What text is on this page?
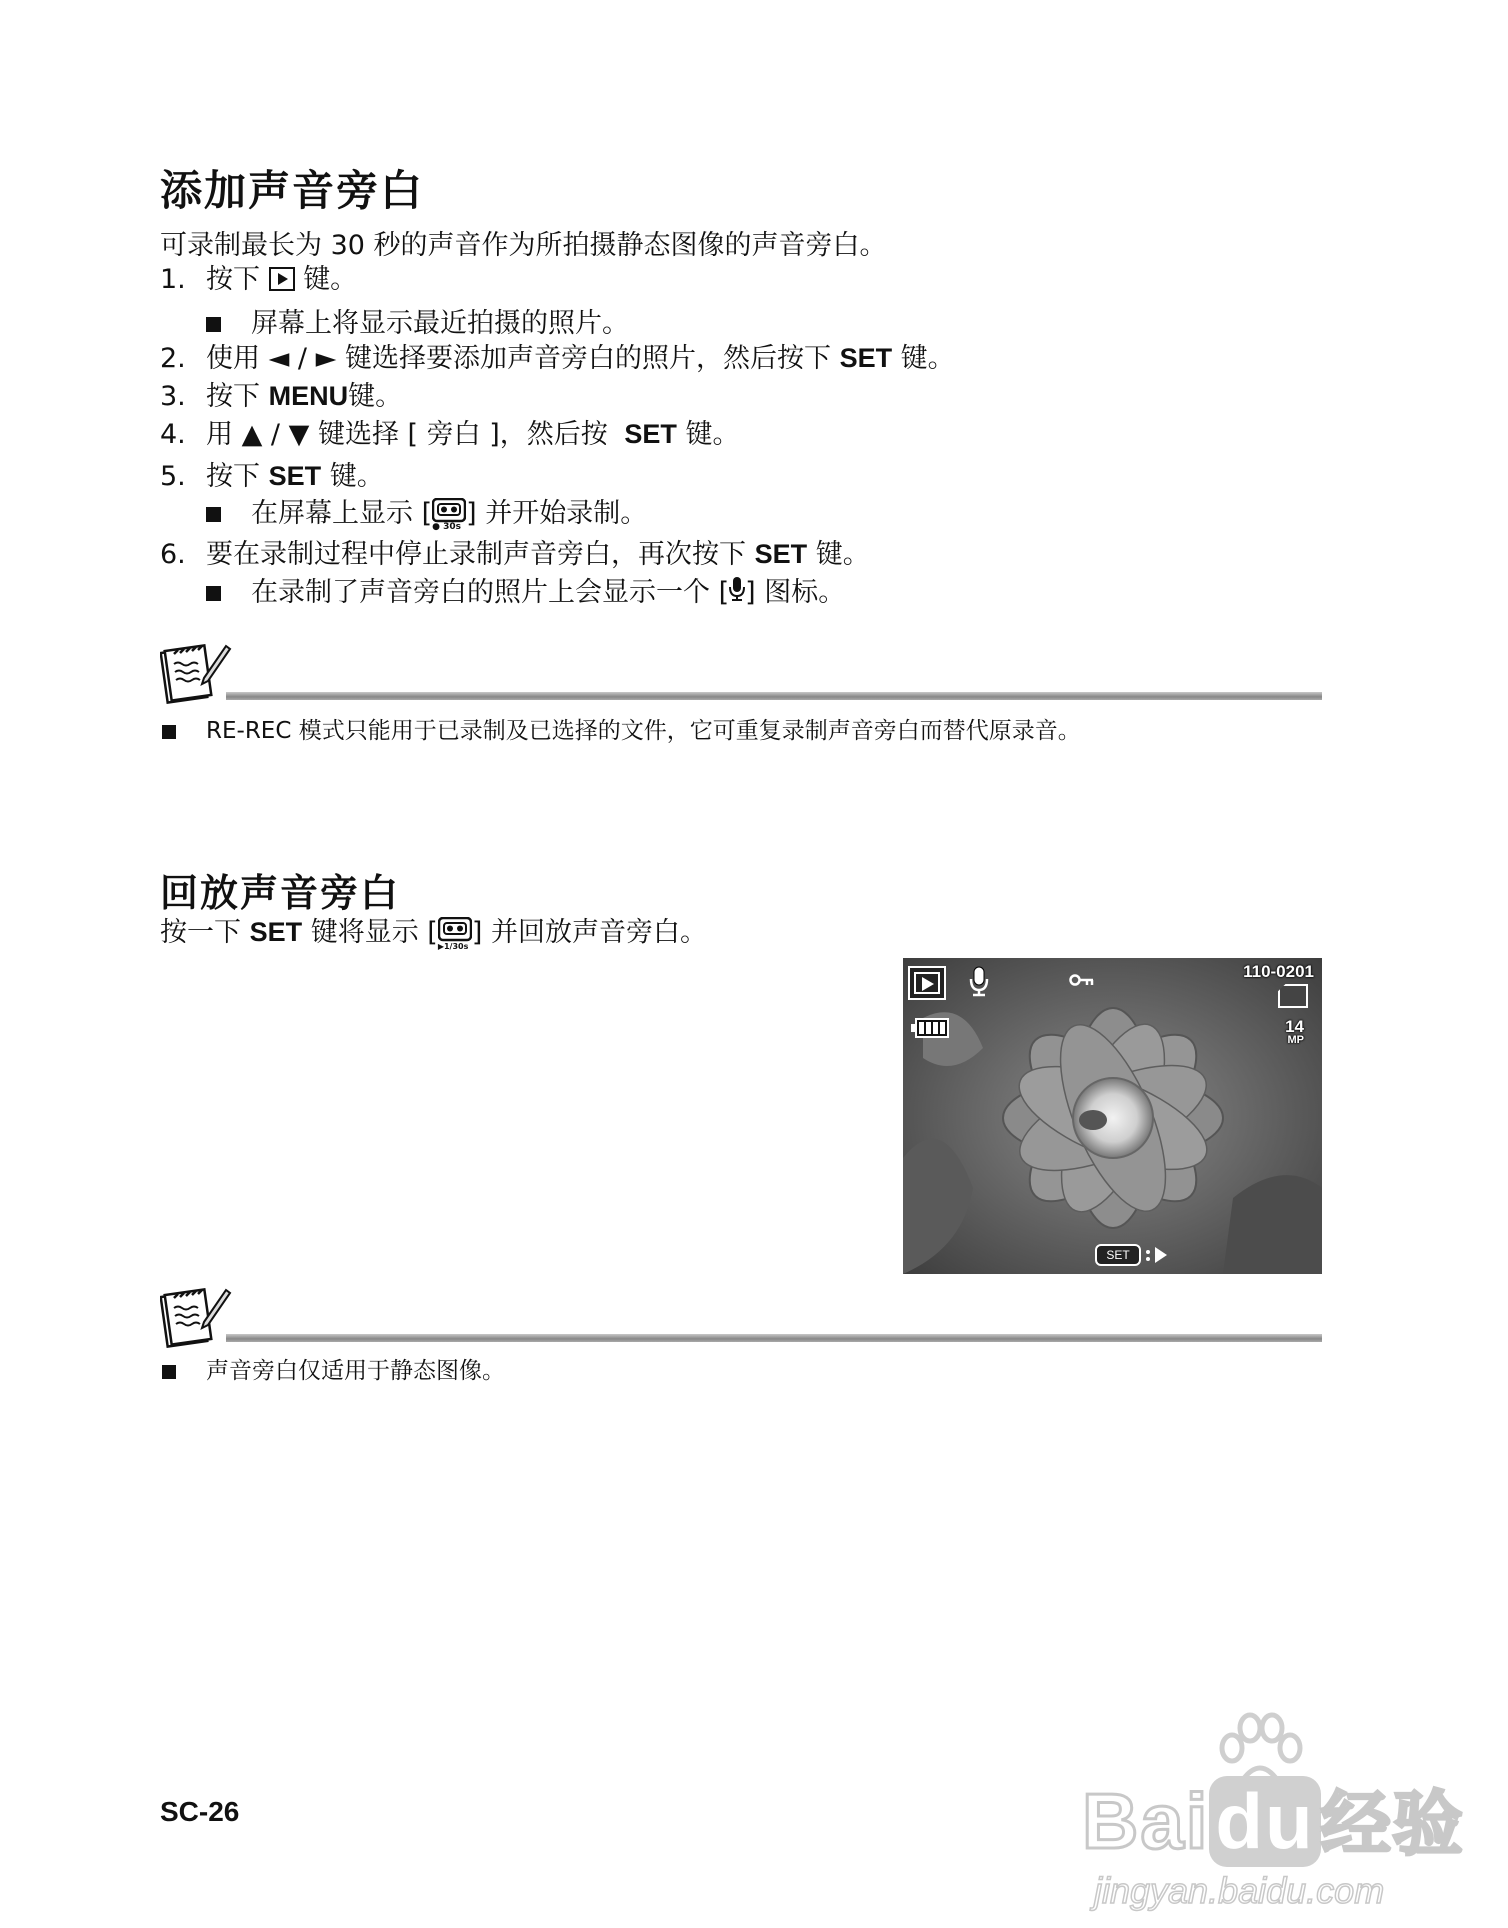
添加声音旁白
可录制最长为 30 秒的声音作为所拍摄静态图像的声音旁白。
1. 按下 键。
屏幕上将显示最近拍摄的照片。
2. 使用 ◄ / ► 键选择要添加声音旁白的照片，然后按下 SET 键。
3. 按下 MENU键。
4. 用 ▲ / ▼ 键选择 [ 旁白 ]，然后按 SET 键。
5. 按下 SET 键。
在屏幕上显示 [ ● 30s ] 并开始录制。
6. 要在录制过程中停止录制声音旁白，再次按下 SET 键。
在录制了声音旁白的照片上会显示一个 [ ] 图标。
RE-REC 模式只能用于已录制及已选择的文件，它可重复录制声音旁白而替代原录音。
回放声音旁白
按一下 SET 键将显示 [ ▶1/30s ] 并回放声音旁白。
110-0201
14
MP
SET
声音旁白仅适用于静态图像。
SC-26	Baidu经验
jingyan.baidu.com
